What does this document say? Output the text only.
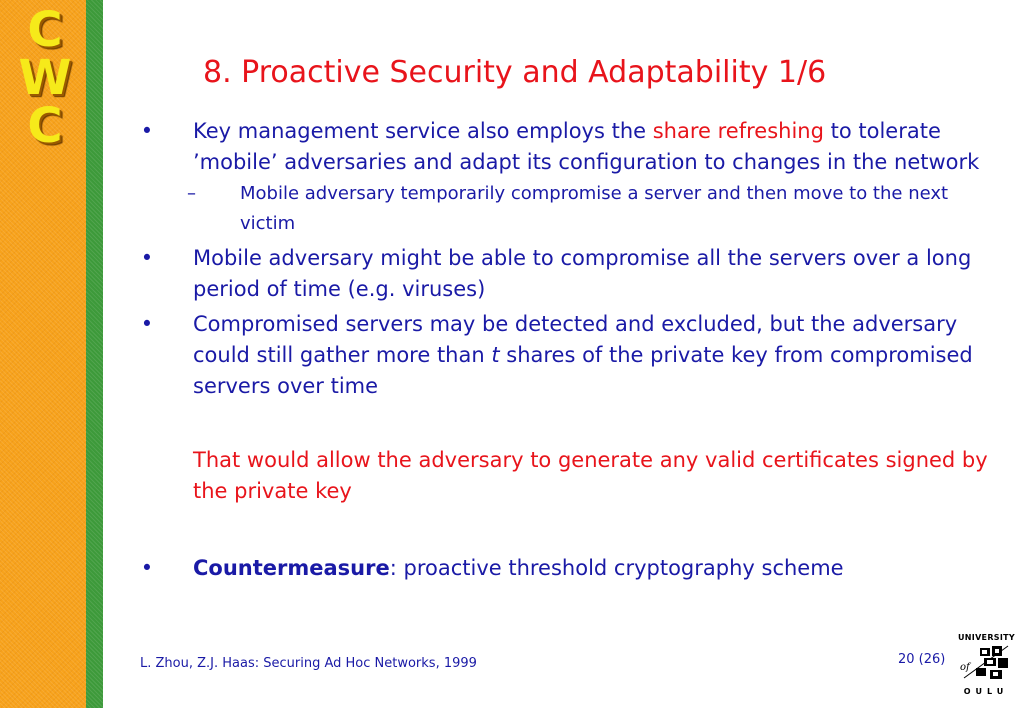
C
W
C
8. Proactive Security and Adaptability 1/6
• Key management service also employs the share refreshing to tolerate ’mobile’ adversaries and adapt its configuration to changes in the network
– Mobile adversary temporarily compromise a server and then move to the next victim
• Mobile adversary might be able to compromise all the servers over a long period of time (e.g. viruses)
• Compromised servers may be detected and excluded, but the adversary could still gather more than t shares of the private key from compromised servers over time
That would allow the adversary to generate any valid certificates signed by the private key
• Countermeasure: proactive threshold cryptography scheme
L. Zhou, Z.J. Haas: Securing Ad Hoc Networks, 1999	20 (26)
UNIVERSITY
of
OULU
